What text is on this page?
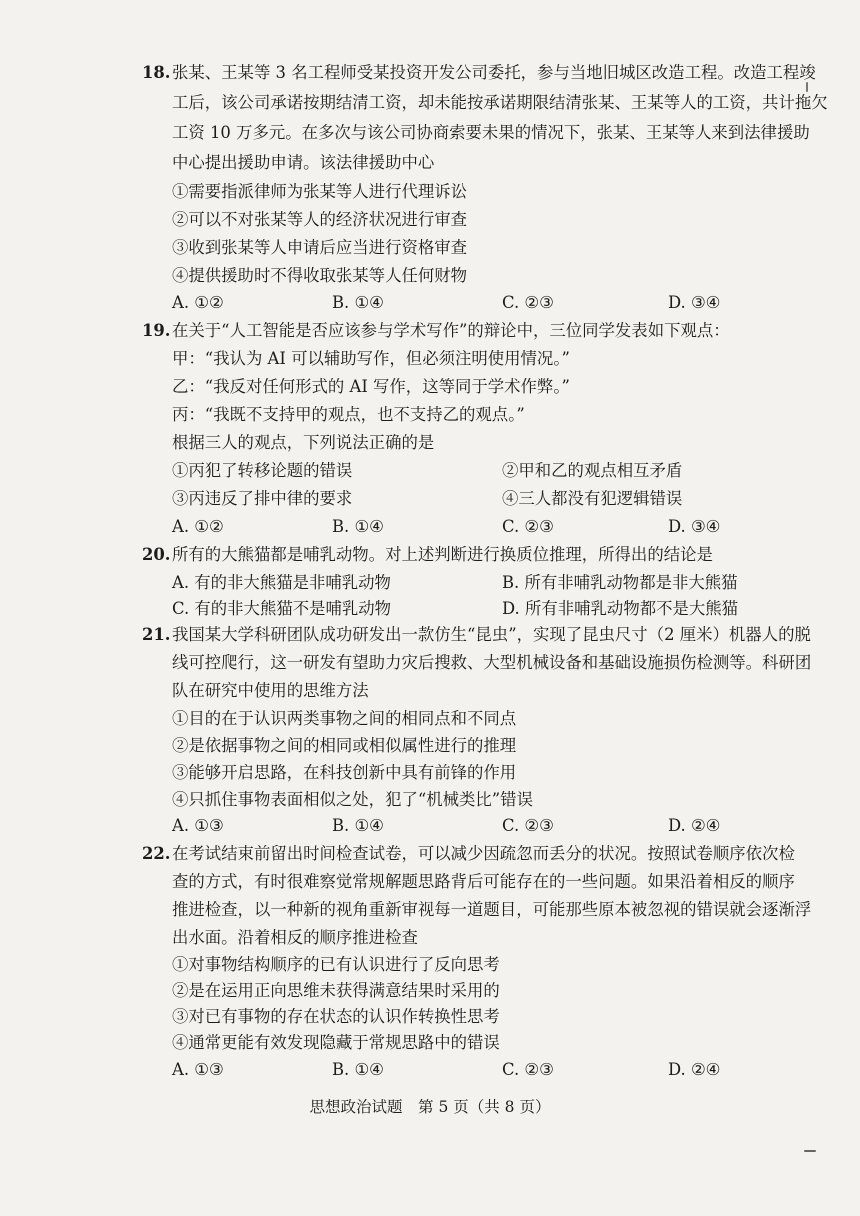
18. 张某、王某等 3 名工程师受某投资开发公司委托，参与当地旧城区改造工程。改造工程竣
工后，该公司承诺按期结清工资，却未能按承诺期限结清张某、王某等人的工资，共计拖欠
工资 10 万多元。在多次与该公司协商索要未果的情况下，张某、王某等人来到法律援助
中心提出援助申请。该法律援助中心
①需要指派律师为张某等人进行代理诉讼
②可以不对张某等人的经济状况进行审查
③收到张某等人申请后应当进行资格审查
④提供援助时不得收取张某等人任何财物
A. ①②	B. ①④	C. ②③	D. ③④
19. 在关于“人工智能是否应该参与学术写作”的辩论中，三位同学发表如下观点：
甲：“我认为 AI 可以辅助写作，但必须注明使用情况。”
乙：“我反对任何形式的 AI 写作，这等同于学术作弊。”
丙：“我既不支持甲的观点，也不支持乙的观点。”
根据三人的观点，下列说法正确的是
①丙犯了转移论题的错误	②甲和乙的观点相互矛盾
③丙违反了排中律的要求	④三人都没有犯逻辑错误
A. ①②	B. ①④	C. ②③	D. ③④
20. 所有的大熊猫都是哺乳动物。对上述判断进行换质位推理，所得出的结论是
A. 有的非大熊猫是非哺乳动物	B. 所有非哺乳动物都是非大熊猫
C. 有的非大熊猫不是哺乳动物	D. 所有非哺乳动物都不是大熊猫
21. 我国某大学科研团队成功研发出一款仿生“昆虫”，实现了昆虫尺寸（2 厘米）机器人的脱
线可控爬行，这一研发有望助力灾后搜救、大型机械设备和基础设施损伤检测等。科研团
队在研究中使用的思维方法
①目的在于认识两类事物之间的相同点和不同点
②是依据事物之间的相同或相似属性进行的推理
③能够开启思路，在科技创新中具有前锋的作用
④只抓住事物表面相似之处，犯了“机械类比”错误
A. ①③	B. ①④	C. ②③	D. ②④
22. 在考试结束前留出时间检查试卷，可以减少因疏忽而丢分的状况。按照试卷顺序依次检
查的方式，有时很难察觉常规解题思路背后可能存在的一些问题。如果沿着相反的顺序
推进检查，以一种新的视角重新审视每一道题目，可能那些原本被忽视的错误就会逐渐浮
出水面。沿着相反的顺序推进检查
①对事物结构顺序的已有认识进行了反向思考
②是在运用正向思维未获得满意结果时采用的
③对已有事物的存在状态的认识作转换性思考
④通常更能有效发现隐藏于常规思路中的错误
A. ①③	B. ①④	C. ②③	D. ②④
思想政治试题　第 5 页（共 8 页）
